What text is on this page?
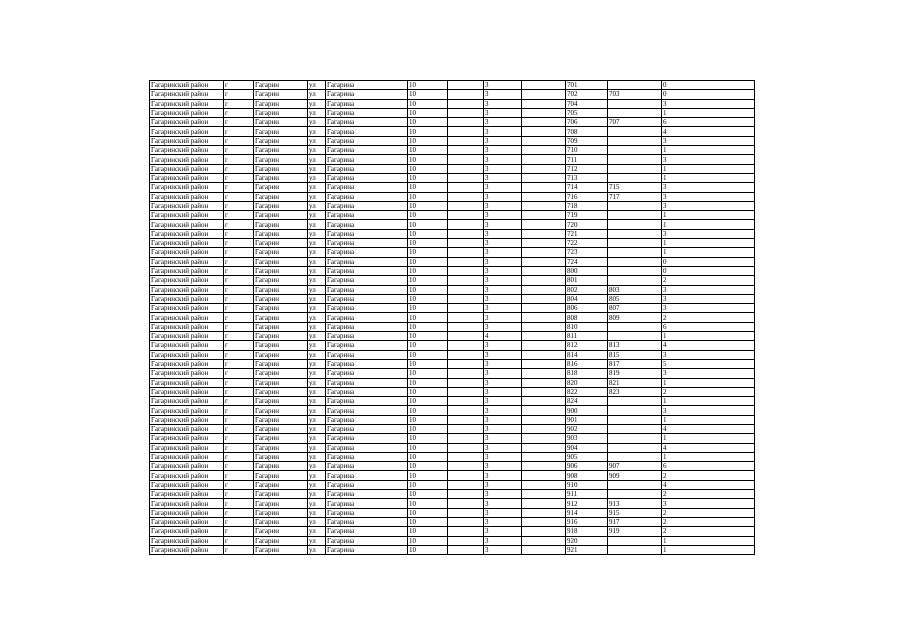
Гагаринский район	г	Гагарин	ул	Гагарина	10		3		701		0
Гагаринский район	г	Гагарин	ул	Гагарина	10		3		702	703	0
Гагаринский район	г	Гагарин	ул	Гагарина	10		3		704		3
Гагаринский район	г	Гагарин	ул	Гагарина	10		3		705		1
Гагаринский район	г	Гагарин	ул	Гагарина	10		3		706	707	6
Гагаринский район	г	Гагарин	ул	Гагарина	10		3		708		4
Гагаринский район	г	Гагарин	ул	Гагарина	10		3		709		3
Гагаринский район	г	Гагарин	ул	Гагарина	10		3		710		1
Гагаринский район	г	Гагарин	ул	Гагарина	10		3		711		3
Гагаринский район	г	Гагарин	ул	Гагарина	10		3		712		1
Гагаринский район	г	Гагарин	ул	Гагарина	10		3		713		1
Гагаринский район	г	Гагарин	ул	Гагарина	10		3		714	715	3
Гагаринский район	г	Гагарин	ул	Гагарина	10		3		716	717	3
Гагаринский район	г	Гагарин	ул	Гагарина	10		3		718		3
Гагаринский район	г	Гагарин	ул	Гагарина	10		3		719		1
Гагаринский район	г	Гагарин	ул	Гагарина	10		3		720		1
Гагаринский район	г	Гагарин	ул	Гагарина	10		3		721		3
Гагаринский район	г	Гагарин	ул	Гагарина	10		3		722		1
Гагаринский район	г	Гагарин	ул	Гагарина	10		3		723		1
Гагаринский район	г	Гагарин	ул	Гагарина	10		3		724		0
Гагаринский район	г	Гагарин	ул	Гагарина	10		3		800		0
Гагаринский район	г	Гагарин	ул	Гагарина	10		3		801		2
Гагаринский район	г	Гагарин	ул	Гагарина	10		3		802	803	3
Гагаринский район	г	Гагарин	ул	Гагарина	10		3		804	805	3
Гагаринский район	г	Гагарин	ул	Гагарина	10		3		806	807	3
Гагаринский район	г	Гагарин	ул	Гагарина	10		3		808	809	2
Гагаринский район	г	Гагарин	ул	Гагарина	10		3		810		6
Гагаринский район	г	Гагарин	ул	Гагарина	10		4		811		1
Гагаринский район	г	Гагарин	ул	Гагарина	10		3		812	813	4
Гагаринский район	г	Гагарин	ул	Гагарина	10		3		814	815	3
Гагаринский район	г	Гагарин	ул	Гагарина	10		3		816	817	5
Гагаринский район	г	Гагарин	ул	Гагарина	10		3		818	819	3
Гагаринский район	г	Гагарин	ул	Гагарина	10		3		820	821	1
Гагаринский район	г	Гагарин	ул	Гагарина	10		3		822	823	2
Гагаринский район	г	Гагарин	ул	Гагарина	10		3		824		1
Гагаринский район	г	Гагарин	ул	Гагарина	10		3		900		3
Гагаринский район	г	Гагарин	ул	Гагарина	10		3		901		1
Гагаринский район	г	Гагарин	ул	Гагарина	10		3		902		4
Гагаринский район	г	Гагарин	ул	Гагарина	10		3		903		1
Гагаринский район	г	Гагарин	ул	Гагарина	10		3		904		4
Гагаринский район	г	Гагарин	ул	Гагарина	10		3		905		1
Гагаринский район	г	Гагарин	ул	Гагарина	10		3		906	907	6
Гагаринский район	г	Гагарин	ул	Гагарина	10		3		908	909	2
Гагаринский район	г	Гагарин	ул	Гагарина	10		3		910		4
Гагаринский район	г	Гагарин	ул	Гагарина	10		3		911		2
Гагаринский район	г	Гагарин	ул	Гагарина	10		3		912	913	3
Гагаринский район	г	Гагарин	ул	Гагарина	10		3		914	915	2
Гагаринский район	г	Гагарин	ул	Гагарина	10		3		916	917	2
Гагаринский район	г	Гагарин	ул	Гагарина	10		3		918	919	2
Гагаринский район	г	Гагарин	ул	Гагарина	10		3		920		1
Гагаринский район	г	Гагарин	ул	Гагарина	10		3		921		1
